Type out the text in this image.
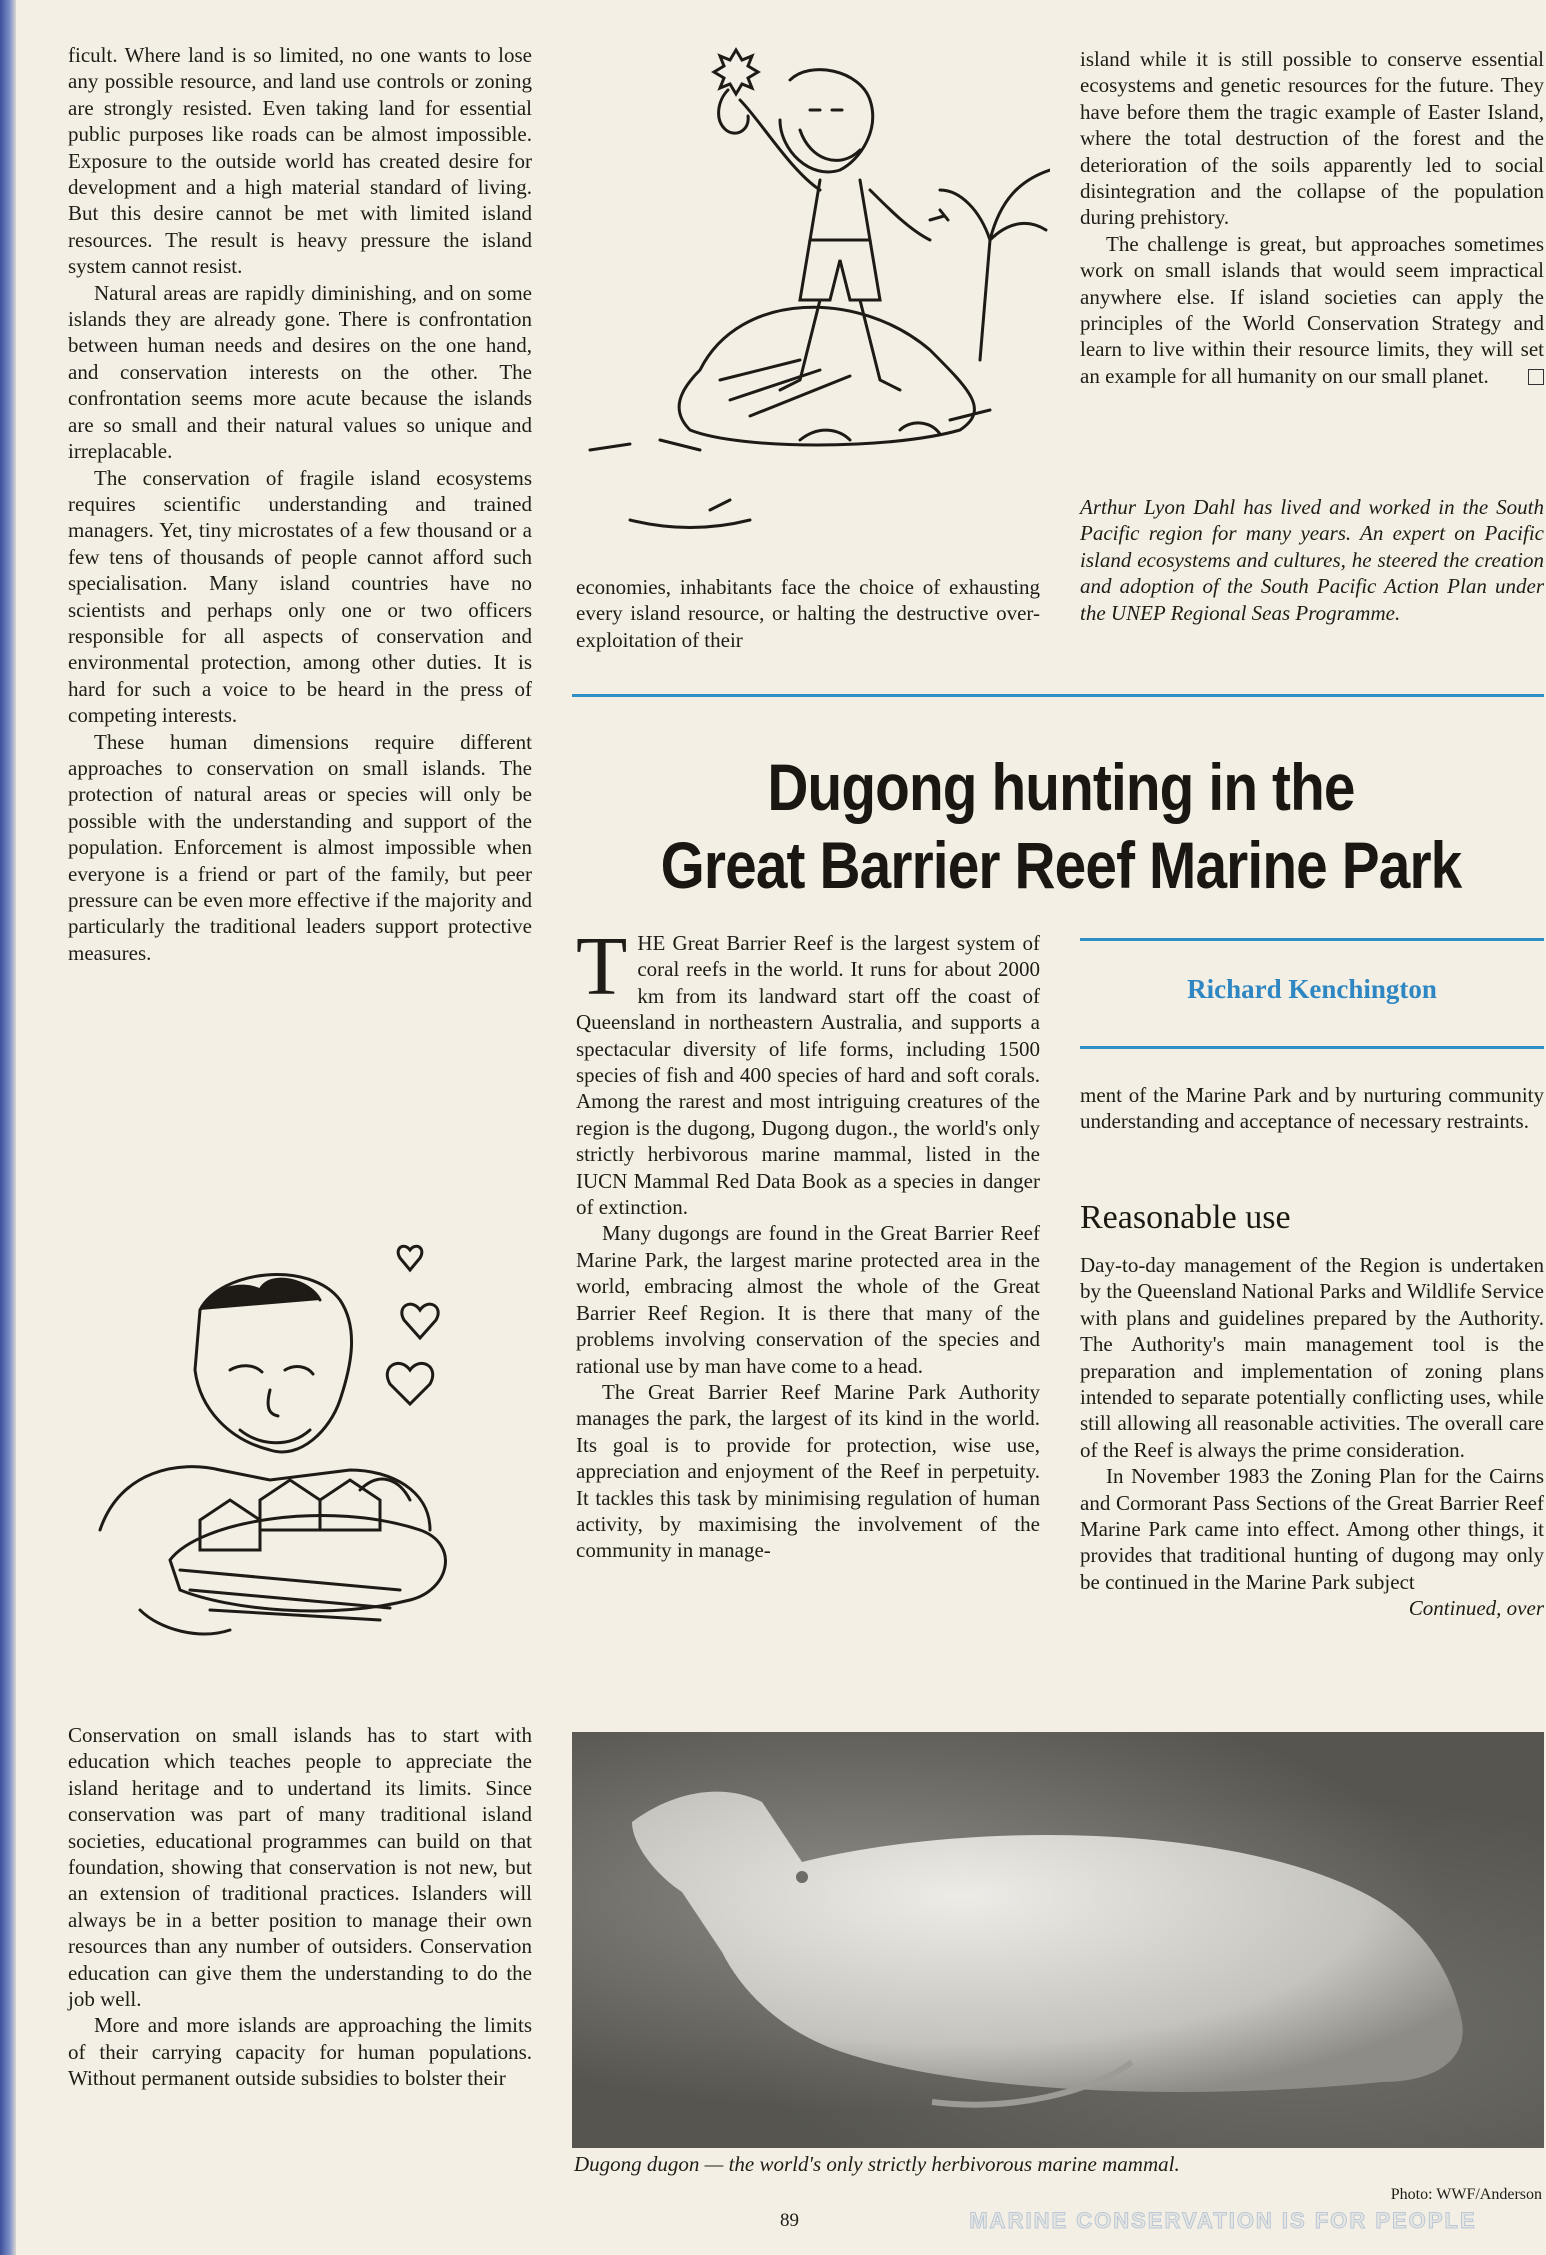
ficult. Where land is so limited, no one wants to lose any possible resource, and land use controls or zoning are strongly resisted. Even taking land for essential public purposes like roads can be almost impossible. Exposure to the outside world has created desire for development and a high material standard of living. But this desire cannot be met with limited island resources. The result is heavy pressure the island system cannot resist.

Natural areas are rapidly diminishing, and on some islands they are already gone. There is confrontation between human needs and desires on the one hand, and conservation interests on the other. The confrontation seems more acute because the islands are so small and their natural values so unique and irreplacable.

The conservation of fragile island ecosystems requires scientific understanding and trained managers. Yet, tiny microstates of a few thousand or a few tens of thousands of people cannot afford such specialisation. Many island countries have no scientists and perhaps only one or two officers responsible for all aspects of conservation and environmental protection, among other duties. It is hard for such a voice to be heard in the press of competing interests.

These human dimensions require different approaches to conservation on small islands. The protection of natural areas or species will only be possible with the understanding and support of the population. Enforcement is almost impossible when everyone is a friend or part of the family, but peer pressure can be even more effective if the majority and particularly the traditional leaders support protective measures.

Conservation on small islands has to start with education which teaches people to appreciate the island heritage and to undertand its limits. Since conservation was part of many traditional island societies, educational programmes can build on that foundation, showing that conservation is not new, but an extension of traditional practices. Islanders will always be in a better position to manage their own resources than any number of outsiders. Conservation education can give them the understanding to do the job well.

More and more islands are approaching the limits of their carrying capacity for human populations. Without permanent outside subsidies to bolster their

economies, inhabitants face the choice of exhausting every island resource, or halting the destructive over-exploitation of their

island while it is still possible to conserve essential ecosystems and genetic resources for the future. They have before them the tragic example of Easter Island, where the total destruction of the forest and the deterioration of the soils apparently led to social disintegration and the collapse of the population during prehistory.

The challenge is great, but approaches sometimes work on small islands that would seem impractical anywhere else. If island societies can apply the principles of the World Conservation Strategy and learn to live within their resource limits, they will set an example for all humanity on our small planet.

Arthur Lyon Dahl has lived and worked in the South Pacific region for many years. An expert on Pacific island ecosystems and cultures, he steered the creation and adoption of the South Pacific Action Plan under the UNEP Regional Seas Programme.
Dugong hunting in the
Great Barrier Reef Marine Park
Richard Kenchington

THE Great Barrier Reef is the largest system of coral reefs in the world. It runs for about 2000 km from its landward start off the coast of Queensland in northeastern Australia, and supports a spectacular diversity of life forms, including 1500 species of fish and 400 species of hard and soft corals. Among the rarest and most intriguing creatures of the region is the dugong, Dugong dugon., the world's only strictly herbivorous marine mammal, listed in the IUCN Mammal Red Data Book as a species in danger of extinction.

Many dugongs are found in the Great Barrier Reef Marine Park, the largest marine protected area in the world, embracing almost the whole of the Great Barrier Reef Region. It is there that many of the problems involving conservation of the species and rational use by man have come to a head.

The Great Barrier Reef Marine Park Authority manages the park, the largest of its kind in the world. Its goal is to provide for protection, wise use, appreciation and enjoyment of the Reef in perpetuity. It tackles this task by minimising regulation of human activity, by maximising the involvement of the community in manage-

ment of the Marine Park and by nurturing community understanding and acceptance of necessary restraints.

Reasonable use

Day-to-day management of the Region is undertaken by the Queensland National Parks and Wildlife Service with plans and guidelines prepared by the Authority. The Authority's main management tool is the preparation and implementation of zoning plans intended to separate potentially conflicting uses, while still allowing all reasonable activities. The overall care of the Reef is always the prime consideration.

In November 1983 the Zoning Plan for the Cairns and Cormorant Pass Sections of the Great Barrier Reef Marine Park came into effect. Among other things, it provides that traditional hunting of dugong may only be continued in the Marine Park subject

Continued, over

Dugong dugon — the world's only strictly herbivorous marine mammal.
Photo: WWF/Anderson
89	MARINE CONSERVATION IS FOR PEOPLE
